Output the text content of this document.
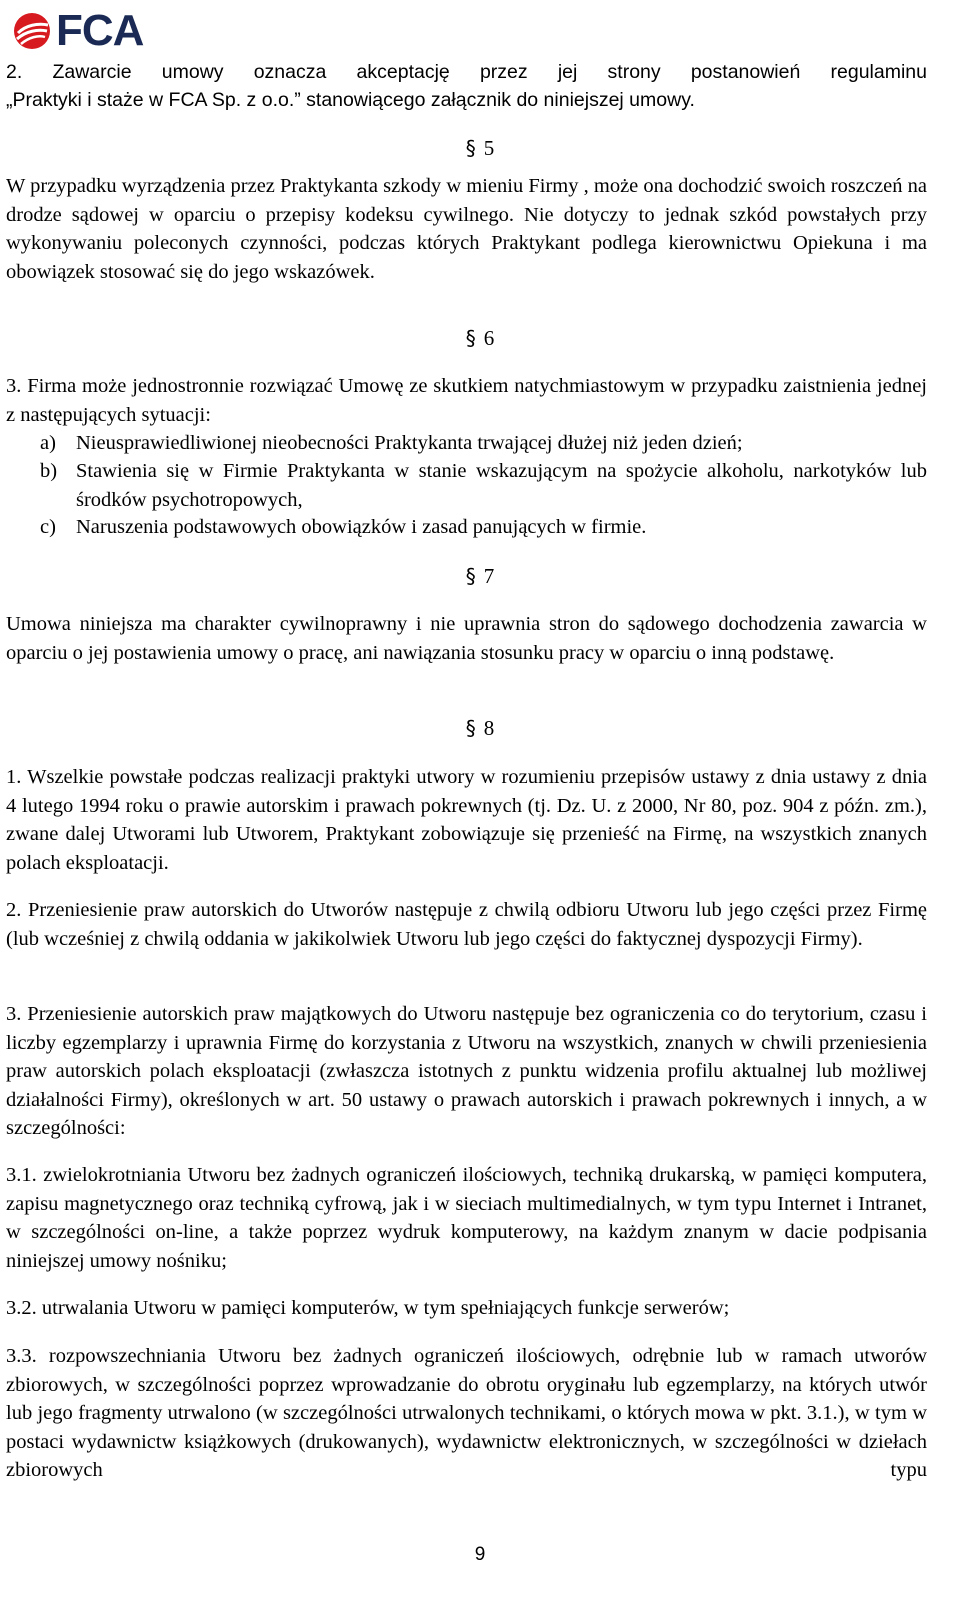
FCA
2. Zawarcie umowy oznacza akceptację przez jej strony postanowień regulaminu
„Praktyki i staże w FCA Sp. z o.o.” stanowiącego załącznik do niniejszej umowy.
§ 5
W przypadku wyrządzenia przez Praktykanta szkody w mieniu Firmy , może ona dochodzić swoich roszczeń na drodze sądowej w oparciu o przepisy kodeksu cywilnego. Nie dotyczy to jednak szkód powstałych przy wykonywaniu poleconych czynności, podczas których Praktykant podlega kierownictwu Opiekuna i ma obowiązek stosować się do jego wskazówek.
§ 6
3. Firma może jednostronnie rozwiązać Umowę ze skutkiem natychmiastowym w przypadku zaistnienia jednej z następujących sytuacji:
a) Nieusprawiedliwionej nieobecności Praktykanta trwającej dłużej niż jeden dzień;
b) Stawienia się w Firmie Praktykanta w stanie wskazującym na spożycie alkoholu, narkotyków lub środków psychotropowych,
c) Naruszenia podstawowych obowiązków i zasad panujących w firmie.
§ 7
Umowa niniejsza ma charakter cywilnoprawny i nie uprawnia stron do sądowego dochodzenia zawarcia w oparciu o jej postawienia umowy o pracę, ani nawiązania stosunku pracy w oparciu o inną podstawę.
§ 8
1. Wszelkie powstałe podczas realizacji praktyki utwory w rozumieniu przepisów ustawy z dnia ustawy z dnia 4 lutego 1994 roku o prawie autorskim i prawach pokrewnych (tj. Dz. U. z 2000, Nr 80, poz. 904 z późn. zm.), zwane dalej Utworami lub Utworem, Praktykant zobowiązuje się przenieść na Firmę, na wszystkich znanych polach eksploatacji.
2. Przeniesienie praw autorskich do Utworów następuje z chwilą odbioru Utworu lub jego części przez Firmę (lub wcześniej z chwilą oddania w jakikolwiek Utworu lub jego części do faktycznej dyspozycji Firmy).
3. Przeniesienie autorskich praw majątkowych do Utworu następuje bez ograniczenia co do terytorium, czasu i liczby egzemplarzy i uprawnia Firmę do korzystania z Utworu na wszystkich, znanych w chwili przeniesienia praw autorskich polach eksploatacji (zwłaszcza istotnych z punktu widzenia profilu aktualnej lub możliwej działalności Firmy), określonych w art. 50 ustawy o prawach autorskich i prawach pokrewnych i innych, a w szczególności:
3.1. zwielokrotniania Utworu bez żadnych ograniczeń ilościowych, techniką drukarską, w pamięci komputera, zapisu magnetycznego oraz techniką cyfrową, jak i w sieciach multimedialnych, w tym typu Internet i Intranet, w szczególności on-line, a także poprzez wydruk komputerowy, na każdym znanym w dacie podpisania niniejszej umowy nośniku;
3.2. utrwalania Utworu w pamięci komputerów, w tym spełniających funkcje serwerów;
3.3. rozpowszechniania Utworu bez żadnych ograniczeń ilościowych, odrębnie lub w ramach utworów zbiorowych, w szczególności poprzez wprowadzanie do obrotu oryginału lub egzemplarzy, na których utwór lub jego fragmenty utrwalono (w szczególności utrwalonych technikami, o których mowa w pkt. 3.1.), w tym w postaci wydawnictw książkowych (drukowanych), wydawnictw elektronicznych, w szczególności w dziełach zbiorowych typu
9
